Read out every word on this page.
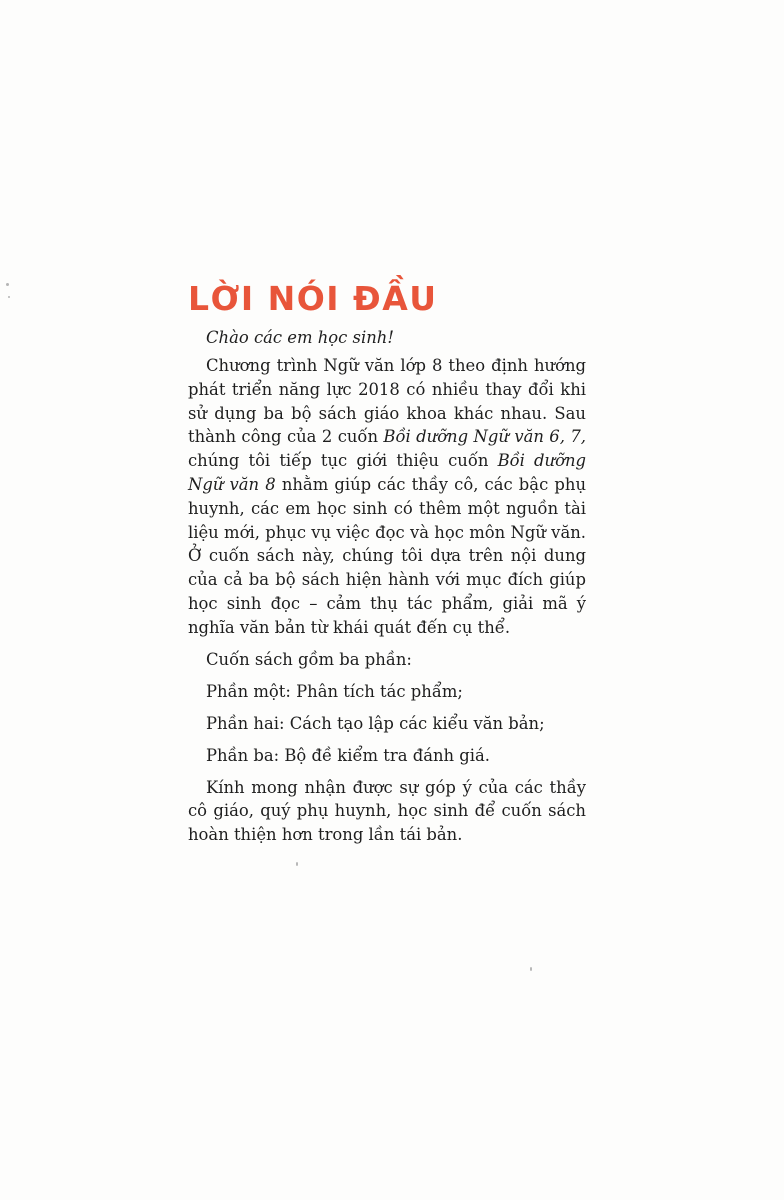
LỜI NÓI ĐẦU

Chào các em học sinh!

Chương trình Ngữ văn lớp 8 theo định hướng phát triển năng lực 2018 có nhiều thay đổi khi sử dụng ba bộ sách giáo khoa khác nhau. Sau thành công của 2 cuốn Bồi dưỡng Ngữ văn 6, 7, chúng tôi tiếp tục giới thiệu cuốn Bồi dưỡng Ngữ văn 8 nhằm giúp các thầy cô, các bậc phụ huynh, các em học sinh có thêm một nguồn tài liệu mới, phục vụ việc đọc và học môn Ngữ văn. Ở cuốn sách này, chúng tôi dựa trên nội dung của cả ba bộ sách hiện hành với mục đích giúp học sinh đọc – cảm thụ tác phẩm, giải mã ý nghĩa văn bản từ khái quát đến cụ thể.

Cuốn sách gồm ba phần:

Phần một: Phân tích tác phẩm;

Phần hai: Cách tạo lập các kiểu văn bản;

Phần ba: Bộ đề kiểm tra đánh giá.

Kính mong nhận được sự góp ý của các thầy cô giáo, quý phụ huynh, học sinh để cuốn sách hoàn thiện hơn trong lần tái bản.
